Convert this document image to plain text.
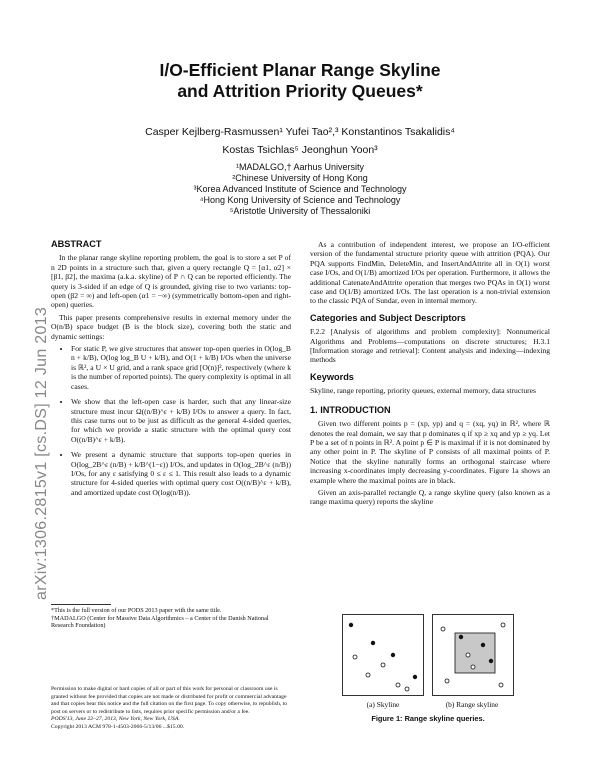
arXiv:1306.2815v1 [cs.DS] 12 Jun 2013
I/O-Efficient Planar Range Skyline
and Attrition Priority Queues*
Casper Kejlberg-Rasmussen¹ Yufei Tao²,³ Konstantinos Tsakalidis⁴
Kostas Tsichlas⁵ Jeonghun Yoon³
¹MADALGO,† Aarhus University
²Chinese University of Hong Kong
³Korea Advanced Institute of Science and Technology
⁴Hong Kong University of Science and Technology
⁵Aristotle University of Thessaloniki
ABSTRACT

In the planar range skyline reporting problem, the goal is to store a set P of n 2D points in a structure such that, given a query rectangle Q = [α1, α2] × [β1, β2], the maxima (a.k.a. skyline) of P ∩ Q can be reported efficiently. The query is 3-sided if an edge of Q is grounded, giving rise to two variants: top-open (β2 = ∞) and left-open (α1 = −∞) (symmetrically bottom-open and right-open) queries.

This paper presents comprehensive results in external memory under the O(n/B) space budget (B is the block size), covering both the static and dynamic settings:

• For static P, we give structures that answer top-open queries in O(log_B n + k/B), O(log log_B U + k/B), and O(1 + k/B) I/Os when the universe is ℝ², a U × U grid, and a rank space grid [O(n)]², respectively (where k is the number of reported points). The query complexity is optimal in all cases.
• We show that the left-open case is harder, such that any linear-size structure must incur Ω((n/B)^ε + k/B) I/Os to answer a query. In fact, this case turns out to be just as difficult as the general 4-sided queries, for which we provide a static structure with the optimal query cost O((n/B)^ε + k/B).
• We present a dynamic structure that supports top-open queries in O(log_2B^ε (n/B) + k/B^(1−ε)) I/Os, and updates in O(log_2B^ε (n/B)) I/Os, for any ε satisfying 0 ≤ ε ≤ 1. This result also leads to a dynamic structure for 4-sided queries with optimal query cost O((n/B)^ε + k/B), and amortized update cost O(log(n/B)).
*This is the full version of our PODS 2013 paper with the same title.
†MADALGO (Center for Massive Data Algorithmics – a Center of the Danish National Research Foundation)
Permission to make digital or hard copies of all or part of this work for personal or classroom use is granted without fee provided that copies are not made or distributed for profit or commercial advantage and that copies bear this notice and the full citation on the first page. To copy otherwise, to republish, to post on servers or to redistribute to lists, requires prior specific permission and/or a fee.
PODS'13, June 22–27, 2013, New York, New York, USA.
Copyright 2013 ACM 978-1-4503-2066-5/13/06 ...$15.00.

As a contribution of independent interest, we propose an I/O-efficient version of the fundamental structure priority queue with attrition (PQA). Our PQA supports FindMin, DeleteMin, and InsertAndAttrite all in O(1) worst case I/Os, and O(1/B) amortized I/Os per operation. Furthermore, it allows the additional CatenateAndAttrite operation that merges two PQAs in O(1) worst case and O(1/B) amortized I/Os. The last operation is a non-trivial extension to the classic PQA of Sundar, even in internal memory.

Categories and Subject Descriptors
F.2.2 [Analysis of algorithms and problem complexity]: Nonnumerical Algorithms and Problems—computations on discrete structures; H.3.1 [Information storage and retrieval]: Content analysis and indexing—indexing methods
Keywords
Skyline, range reporting, priority queues, external memory, data structures
1. INTRODUCTION

Given two different points p = (xp, yp) and q = (xq, yq) in ℝ², where ℝ denotes the real domain, we say that p dominates q if xp ≥ xq and yp ≥ yq. Let P be a set of n points in ℝ². A point p ∈ P is maximal if it is not dominated by any other point in P. The skyline of P consists of all maximal points of P. Notice that the skyline naturally forms an orthogonal staircase where increasing x-coordinates imply decreasing y-coordinates. Figure 1a shows an example where the maximal points are in black.

Given an axis-parallel rectangle Q, a range skyline query (also known as a range maxima query) reports the skyline

(a) Skyline	(b) Range skyline
Figure 1: Range skyline queries.
